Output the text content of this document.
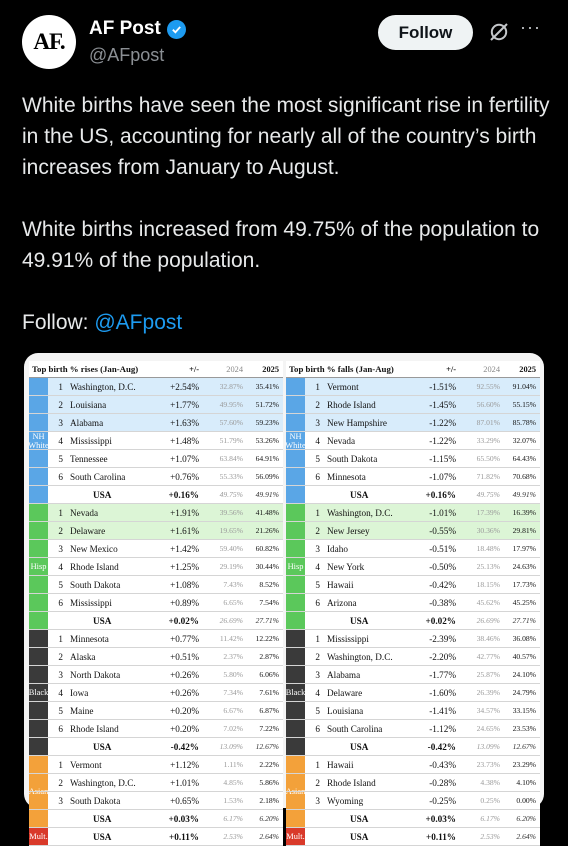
AF.
AF Post
@AFpost
Follow	···

White births have seen the most significant rise in fertility in the US, accounting for nearly all of the country’s birth increases from January to August.

White births increased from 49.75% of the population to 49.91% of the population.

Follow: @AFpost

Top birth % rises (Jan-Aug)	+/-	2024 2025
NH White
1 Washington, D.C.	+2.54%	32.87% 35.41%
2 Louisiana	+1.77%	49.95% 51.72%
3 Alabama	+1.63%	57.60% 59.23%
4 Mississippi	+1.48%	51.79% 53.26%
5 Tennessee	+1.07%	63.84% 64.91%
6 South Carolina	+0.76%	55.33% 56.09%
USA	+0.16%	49.75% 49.91%
Hisp
1 Nevada	+1.91%	39.56% 41.48%
2 Delaware	+1.61%	19.65% 21.26%
3 New Mexico	+1.42%	59.40% 60.82%
4 Rhode Island	+1.25%	29.19% 30.44%
5 South Dakota	+1.08%	7.43% 8.52%
6 Mississippi	+0.89%	6.65% 7.54%
USA	+0.02%	26.69% 27.71%
Black
1 Minnesota	+0.77%	11.42% 12.22%
2 Alaska	+0.51%	2.37% 2.87%
3 North Dakota	+0.26%	5.80% 6.06%
4 Iowa	+0.26%	7.34% 7.61%
5 Maine	+0.20%	6.67% 6.87%
6 Rhode Island	+0.20%	7.02% 7.22%
USA	-0.42%	13.09% 12.67%
Asian
1 Vermont	+1.12%	1.11% 2.22%
2 Washington, D.C.	+1.01%	4.85% 5.86%
3 South Dakota	+0.65%	1.53% 2.18%
USA	+0.03%	6.17% 6.20%
Mult.	USA	+0.11%	2.53% 2.64%
Top birth % falls (Jan-Aug)	+/-	2024 2025
NH White
1 Vermont	-1.51%	92.55% 91.04%
2 Rhode Island	-1.45%	56.60% 55.15%
3 New Hampshire	-1.22%	87.01% 85.78%
4 Nevada	-1.22%	33.29% 32.07%
5 South Dakota	-1.15%	65.50% 64.43%
6 Minnesota	-1.07%	71.82% 70.68%
USA	+0.16%	49.75% 49.91%
Hisp
1 Washington, D.C.	-1.01%	17.39% 16.39%
2 New Jersey	-0.55%	30.36% 29.81%
3 Idaho	-0.51%	18.48% 17.97%
4 New York	-0.50%	25.13% 24.63%
5 Hawaii	-0.42%	18.15% 17.73%
6 Arizona	-0.38%	45.62% 45.25%
USA	+0.02%	26.69% 27.71%
Black
1 Mississippi	-2.39%	38.46% 36.08%
2 Washington, D.C.	-2.20%	42.77% 40.57%
3 Alabama	-1.77%	25.87% 24.10%
4 Delaware	-1.60%	26.39% 24.79%
5 Louisiana	-1.41%	34.57% 33.15%
6 South Carolina	-1.12%	24.65% 23.53%
USA	-0.42%	13.09% 12.67%
Asian
1 Hawaii	-0.43%	23.73% 23.29%
2 Rhode Island	-0.28%	4.38% 4.10%
3 Wyoming	-0.25%	0.25% 0.00%
USA	+0.03%	6.17% 6.20%
Mult.	USA	+0.11%	2.53% 2.64%
